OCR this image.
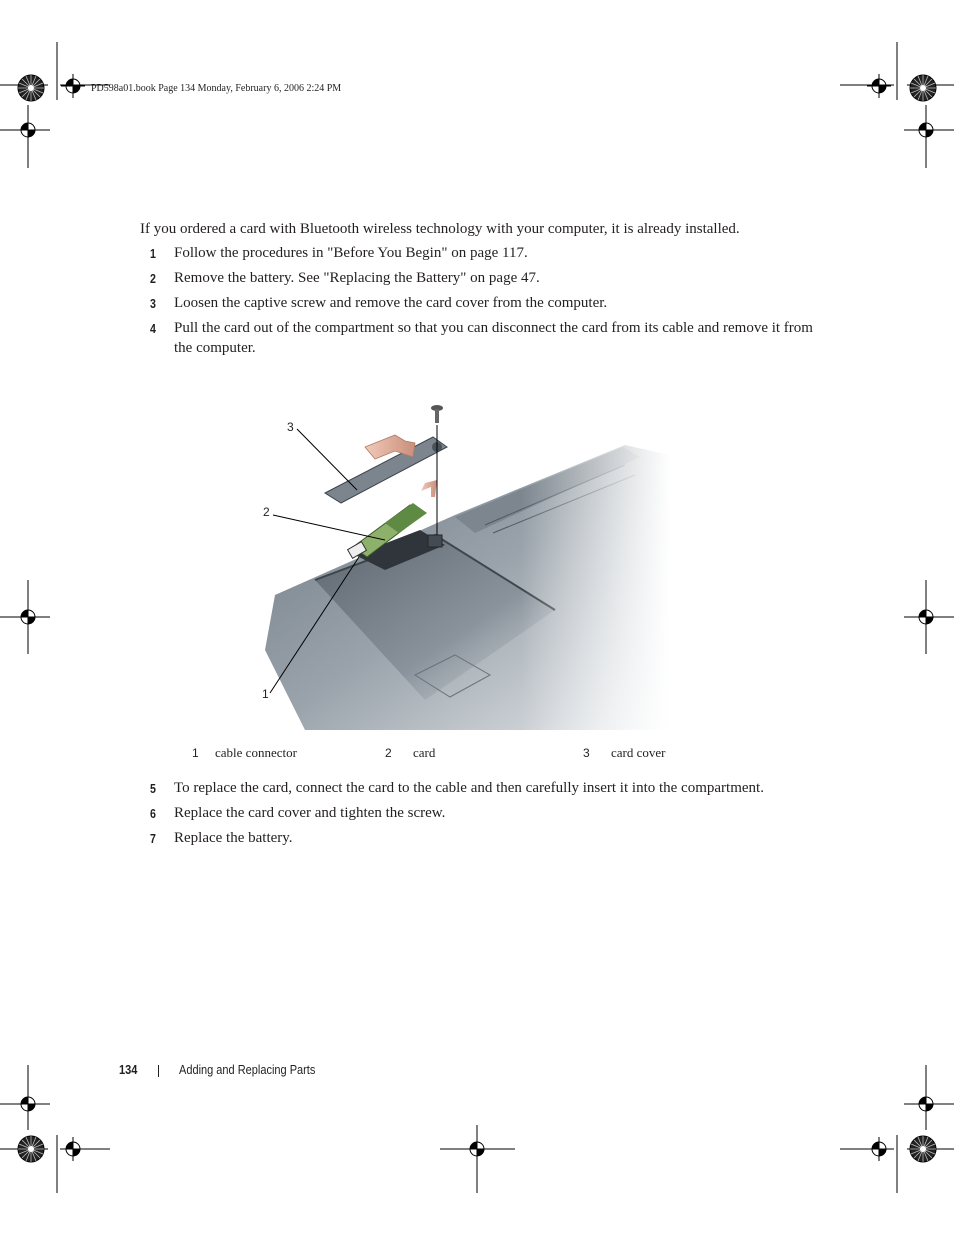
PD598a01.book Page 134 Monday, February 6, 2006 2:24 PM
If you ordered a card with Bluetooth wireless technology with your computer, it is already installed.
1 Follow the procedures in "Before You Begin" on page 117.
2 Remove the battery. See "Replacing the Battery" on page 47.
3 Loosen the captive screw and remove the card cover from the computer.
4 Pull the card out of the compartment so that you can disconnect the card from its cable and remove it from the computer.
3
2
1
1 cable connector	2 card	3 card cover
5 To replace the card, connect the card to the cable and then carefully insert it into the compartment.
6 Replace the card cover and tighten the screw.
7 Replace the battery.
134	Adding and Replacing Parts
